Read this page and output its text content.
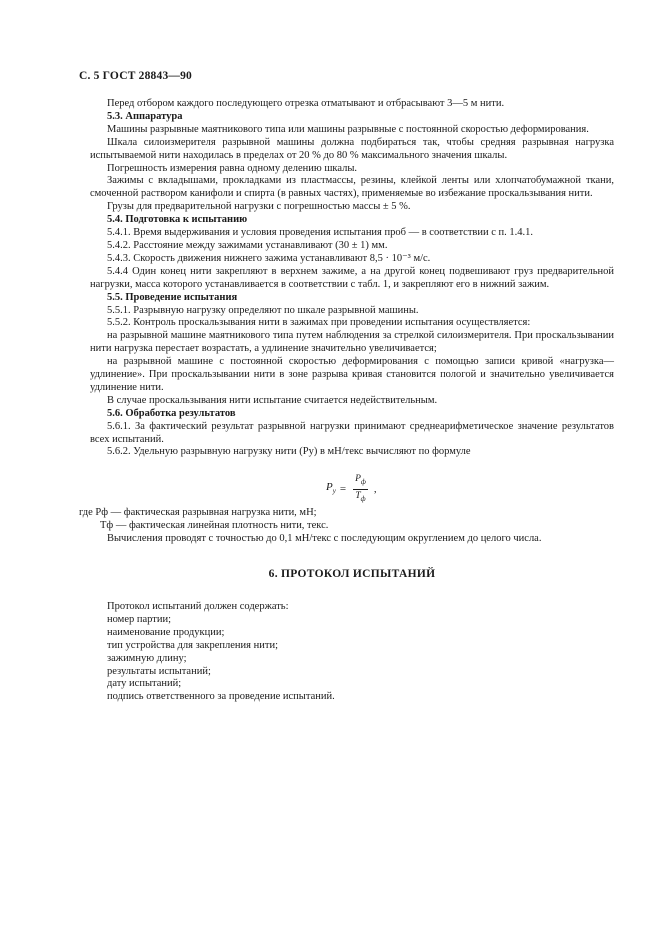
С. 5 ГОСТ 28843—90

Перед отбором каждого последующего отрезка отматывают и отбрасывают 3—5 м нити.

5.3. Аппаратура

Машины разрывные маятникового типа или машины разрывные с постоянной скоростью деформирования.

Шкала силоизмерителя разрывной машины должна подбираться так, чтобы средняя разрывная нагрузка испытываемой нити находилась в пределах от 20 % до 80 % максимального значения шкалы.

Погрешность измерения равна одному делению шкалы.

Зажимы с вкладышами, прокладками из пластмассы, резины, клейкой ленты или хлопчатобумажной ткани, смоченной раствором канифоли и спирта (в равных частях), применяемые во избежание проскальзывания нити.

Грузы для предварительной нагрузки с погрешностью массы ± 5 %.

5.4. Подготовка к испытанию

5.4.1. Время выдерживания и условия проведения испытания проб — в соответствии с п. 1.4.1.

5.4.2. Расстояние между зажимами устанавливают (30 ± 1) мм.

5.4.3. Скорость движения нижнего зажима устанавливают 8,5 · 10⁻³ м/с.

5.4.4 Один конец нити закрепляют в верхнем зажиме, а на другой конец подвешивают груз предварительной нагрузки, масса которого устанавливается в соответствии с табл. 1, и закрепляют его в нижний зажим.

5.5. Проведение испытания

5.5.1. Разрывную нагрузку определяют по шкале разрывной машины.

5.5.2. Контроль проскальзывания нити в зажимах при проведении испытания осуществляется:

на разрывной машине маятникового типа путем наблюдения за стрелкой силоизмерителя. При проскальзывании нити нагрузка перестает возрастать, а удлинение значительно увеличивается;

на разрывной машине с постоянной скоростью деформирования с помощью записи кривой «нагрузка—удлинение». При проскальзывании нити в зоне разрыва кривая становится пологой и значительно увеличивается удлинение нити.

В случае проскальзывания нити испытание считается недействительным.

5.6. Обработка результатов

5.6.1. За фактический результат разрывной нагрузки принимают среднеарифметическое значение результатов всех испытаний.

5.6.2. Удельную разрывную нагрузку нити (Pу) в мН/текс вычисляют по формуле

$P_у = \frac{P_ф}{T_ф}$ ,

где Pф — фактическая разрывная нагрузка нити, мН;

Tф — фактическая линейная плотность нити, текс.

Вычисления проводят с точностью до 0,1 мН/текс с последующим округлением до целого числа.

6. ПРОТОКОЛ ИСПЫТАНИЙ

Протокол испытаний должен содержать:

номер партии;

наименование продукции;

тип устройства для закрепления нити;

зажимную длину;

результаты испытаний;

дату испытаний;

подпись ответственного за проведение испытаний.
